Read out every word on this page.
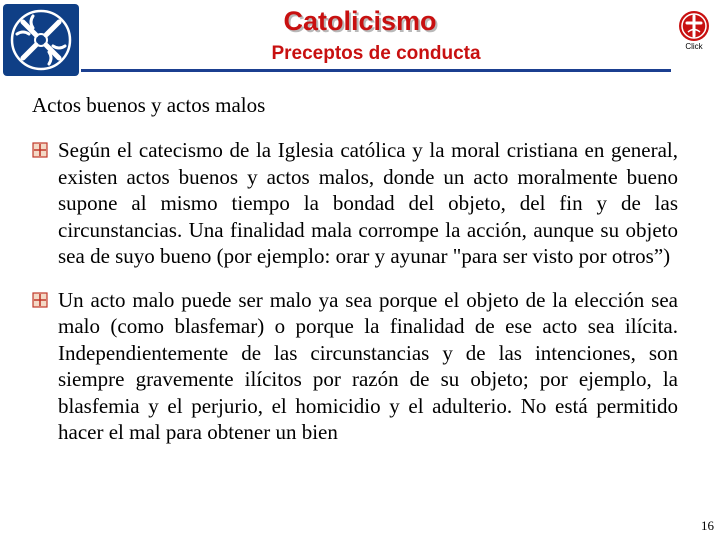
Catolicismo
Preceptos de conducta	Click
Actos buenos y actos malos
Según el catecismo de la Iglesia católica y la moral cristiana en general, existen actos buenos y actos malos, donde un acto moralmente bueno supone al mismo tiempo la bondad del objeto, del fin y de las circunstancias. Una finalidad mala corrompe la acción, aunque su objeto sea de suyo bueno (por ejemplo: orar y ayunar "para ser visto por otros”)
Un acto malo puede ser malo ya sea porque el objeto de la elección sea malo (como blasfemar) o porque la finalidad de ese acto sea ilícita. Independientemente de las circunstancias y de las intenciones, son siempre gravemente ilícitos por razón de su objeto; por ejemplo, la blasfemia y el perjurio, el homicidio y el adulterio. No está permitido hacer el mal para obtener un bien
16
